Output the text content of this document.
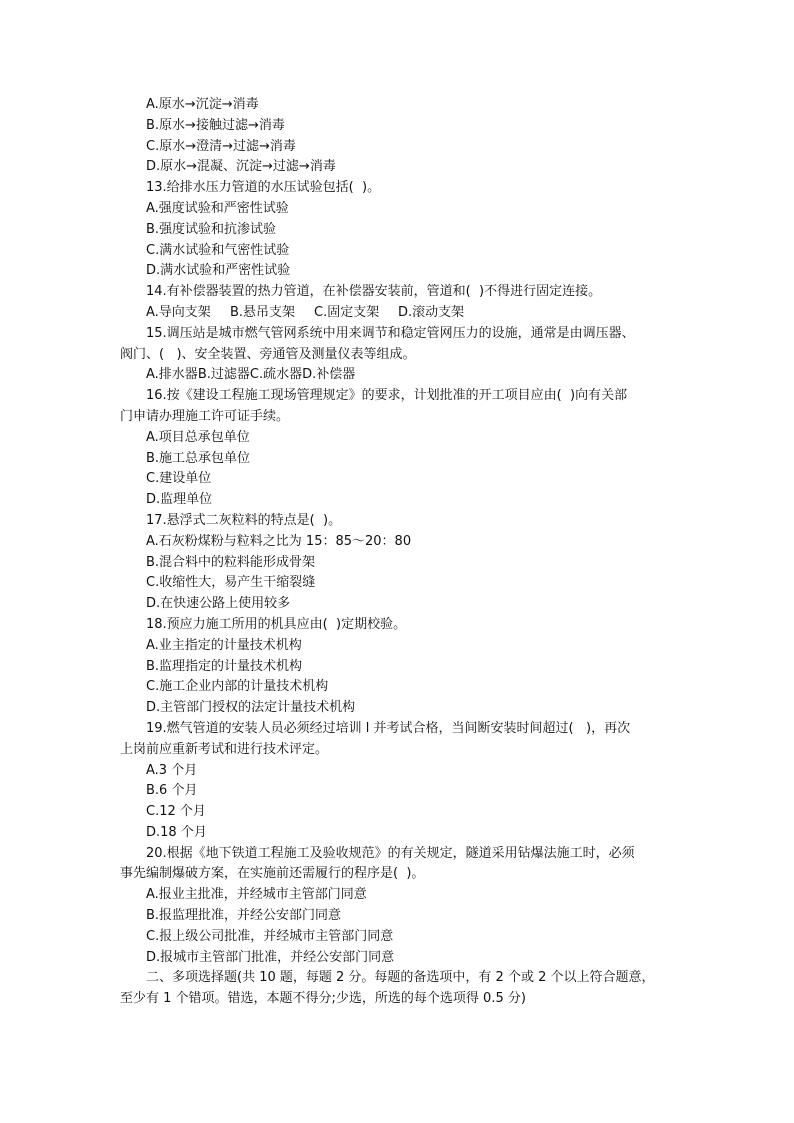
A.原水→沉淀→消毒
B.原水→接触过滤→消毒
C.原水→澄清→过滤→消毒
D.原水→混凝、沉淀→过滤→消毒
13.给排水压力管道的水压试验包括(  )。
A.强度试验和严密性试验
B.强度试验和抗渗试验
C.满水试验和气密性试验
D.满水试验和严密性试验
14.有补偿器装置的热力管道，在补偿器安装前，管道和(  )不得进行固定连接。
A.导向支架 B.悬吊支架 C.固定支架 D.滚动支架
15.调压站是城市燃气管网系统中用来调节和稳定管网压力的设施，通常是由调压器、
阀门、(   )、安全装置、旁通管及测量仪表等组成。
A.排水器B.过滤器C.疏水器D.补偿器
16.按《建设工程施工现场管理规定》的要求，计划批准的开工项目应由(  )向有关部
门申请办理施工许可证手续。
A.项目总承包单位
B.施工总承包单位
C.建设单位
D.监理单位
17.悬浮式二灰粒料的特点是(  )。
A.石灰粉煤粉与粒料之比为 15：85～20：80
B.混合料中的粒料能形成骨架
C.收缩性大，易产生干缩裂缝
D.在快速公路上使用较多
18.预应力施工所用的机具应由(  )定期校验。
A.业主指定的计量技术机构
B.监理指定的计量技术机构
C.施工企业内部的计量技术机构
D.主管部门授权的法定计量技术机构
19.燃气管道的安装人员必须经过培训 l 并考试合格，当间断安装时间超过(   )，再次
上岗前应重新考试和进行技术评定。
A.3 个月
B.6 个月
C.12 个月
D.18 个月
20.根据《地下铁道工程施工及验收规范》的有关规定，隧道采用钻爆法施工时，必须
事先编制爆破方案，在实施前还需履行的程序是(  )。
A.报业主批准，并经城市主管部门同意
B.报监理批准，并经公安部门同意
C.报上级公司批准，并经城市主管部门同意
D.报城市主管部门批准，并经公安部门同意
二、多项选择题(共 10 题，每题 2 分。每题的备选项中，有 2 个或 2 个以上符合题意，
至少有 1 个错项。错选，本题不得分;少选，所选的每个选项得 0.5 分)
